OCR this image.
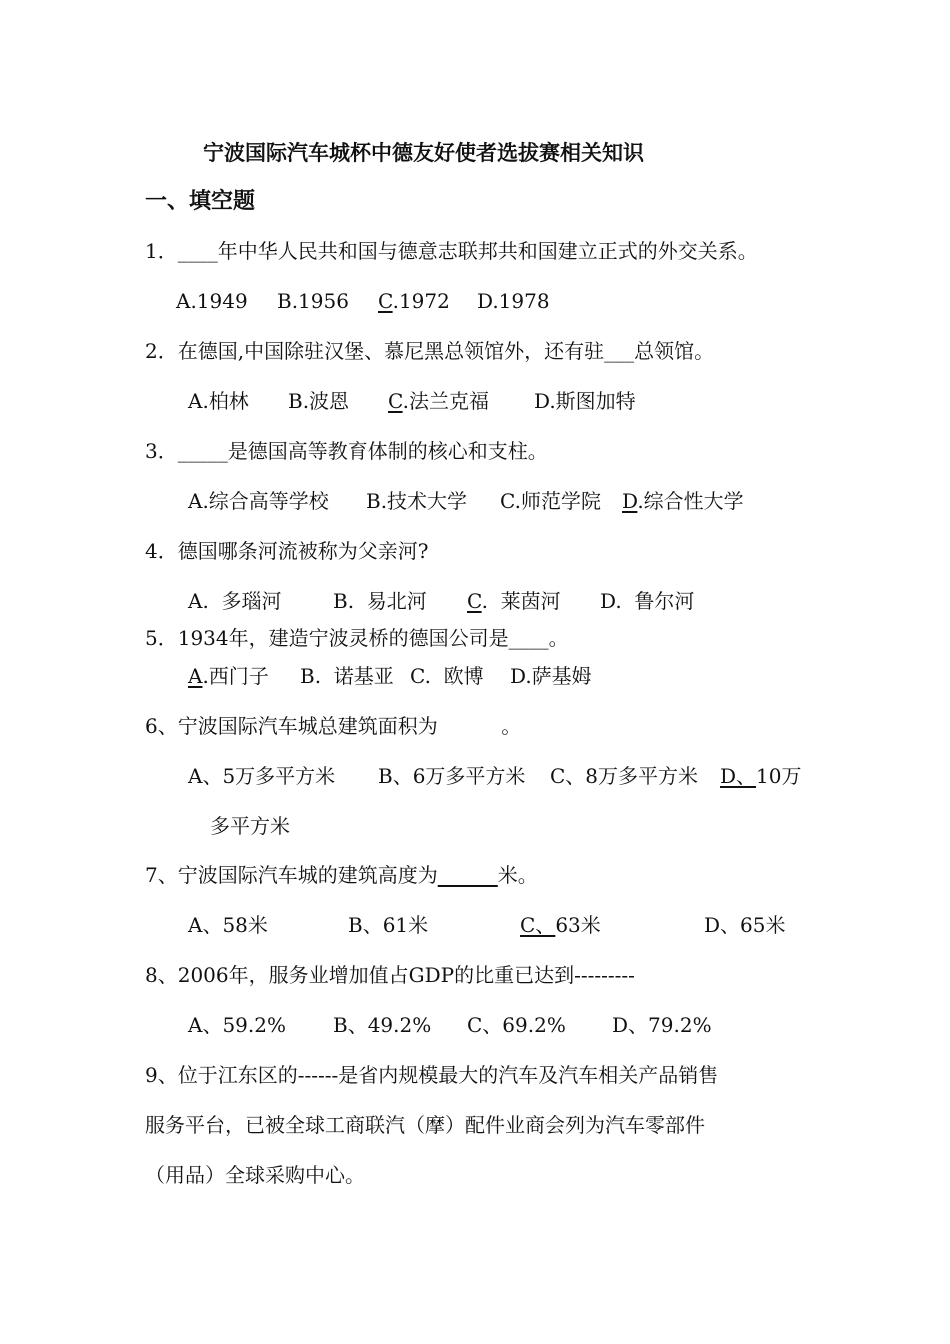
宁波国际汽车城杯中德友好使者选拔赛相关知识
一、填空题
1．____年中华人民共和国与德意志联邦共和国建立正式的外交关系。
A.1949 B.1956 C.1972 D.1978
2．在德国,中国除驻汉堡、慕尼黑总领馆外，还有驻___总领馆。
A.柏林 B.波恩 C.法兰克福 D.斯图加特
3．_____是德国高等教育体制的核心和支柱。
A.综合高等学校 B.技术大学 C.师范学院 D.综合性大学
4．德国哪条河流被称为父亲河?
A.  多瑙河	B.  易北河 C.  莱茵河 D.  鲁尔河
5．1934年，建造宁波灵桥的德国公司是____。
A.西门子 B.  诺基亚 C.  欧博 D.萨基姆
6、宁波国际汽车城总建筑面积为          。
A、5万多平方米 B、6万多平方米 C、8万多平方米 D、10万
多平方米
7、宁波国际汽车城的建筑高度为______米。
A、58米	B、61米	C、63米	D、65米
8、2006年，服务业增加值占GDP的比重已达到---------
A、59.2% B、49.2% C、69.2% D、79.2%
9、位于江东区的------是省内规模最大的汽车及汽车相关产品销售
服务平台，已被全球工商联汽（摩）配件业商会列为汽车零部件
（用品）全球采购中心。
